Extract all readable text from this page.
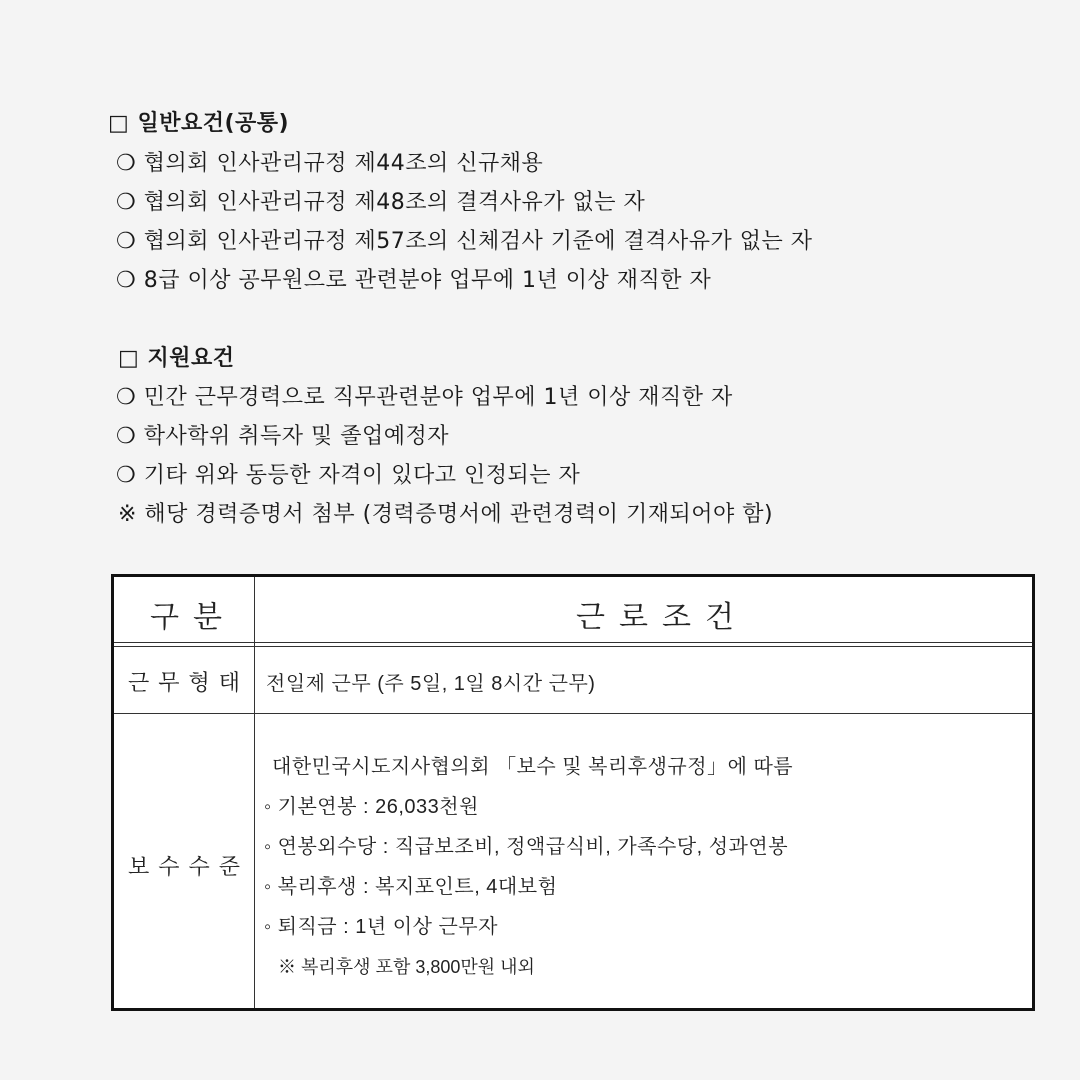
□ 일반요건(공통)
❍ 협의회 인사관리규정 제44조의 신규채용
❍ 협의회 인사관리규정 제48조의 결격사유가 없는 자
❍ 협의회 인사관리규정 제57조의 신체검사 기준에 결격사유가 없는 자
❍ 8급 이상 공무원으로 관련분야 업무에 1년 이상 재직한 자
□ 지원요건
❍ 민간 근무경력으로 직무관련분야 업무에 1년 이상 재직한 자
❍ 학사학위 취득자 및 졸업예정자
❍ 기타 위와 동등한 자격이 있다고 인정되는 자
※ 해당 경력증명서 첨부 (경력증명서에 관련경력이 기재되어야 함)
구분	근로조건
근무형태 전일제 근무 (주 5일, 1일 8시간 근무)
보수수준
대한민국시도지사협의회 「보수 및 복리후생규정」에 따름
◦ 기본연봉 : 26,033천원
◦ 연봉외수당 : 직급보조비, 정액급식비, 가족수당, 성과연봉
◦ 복리후생 : 복지포인트, 4대보험
◦ 퇴직금 : 1년 이상 근무자
※ 복리후생 포함 3,800만원 내외
